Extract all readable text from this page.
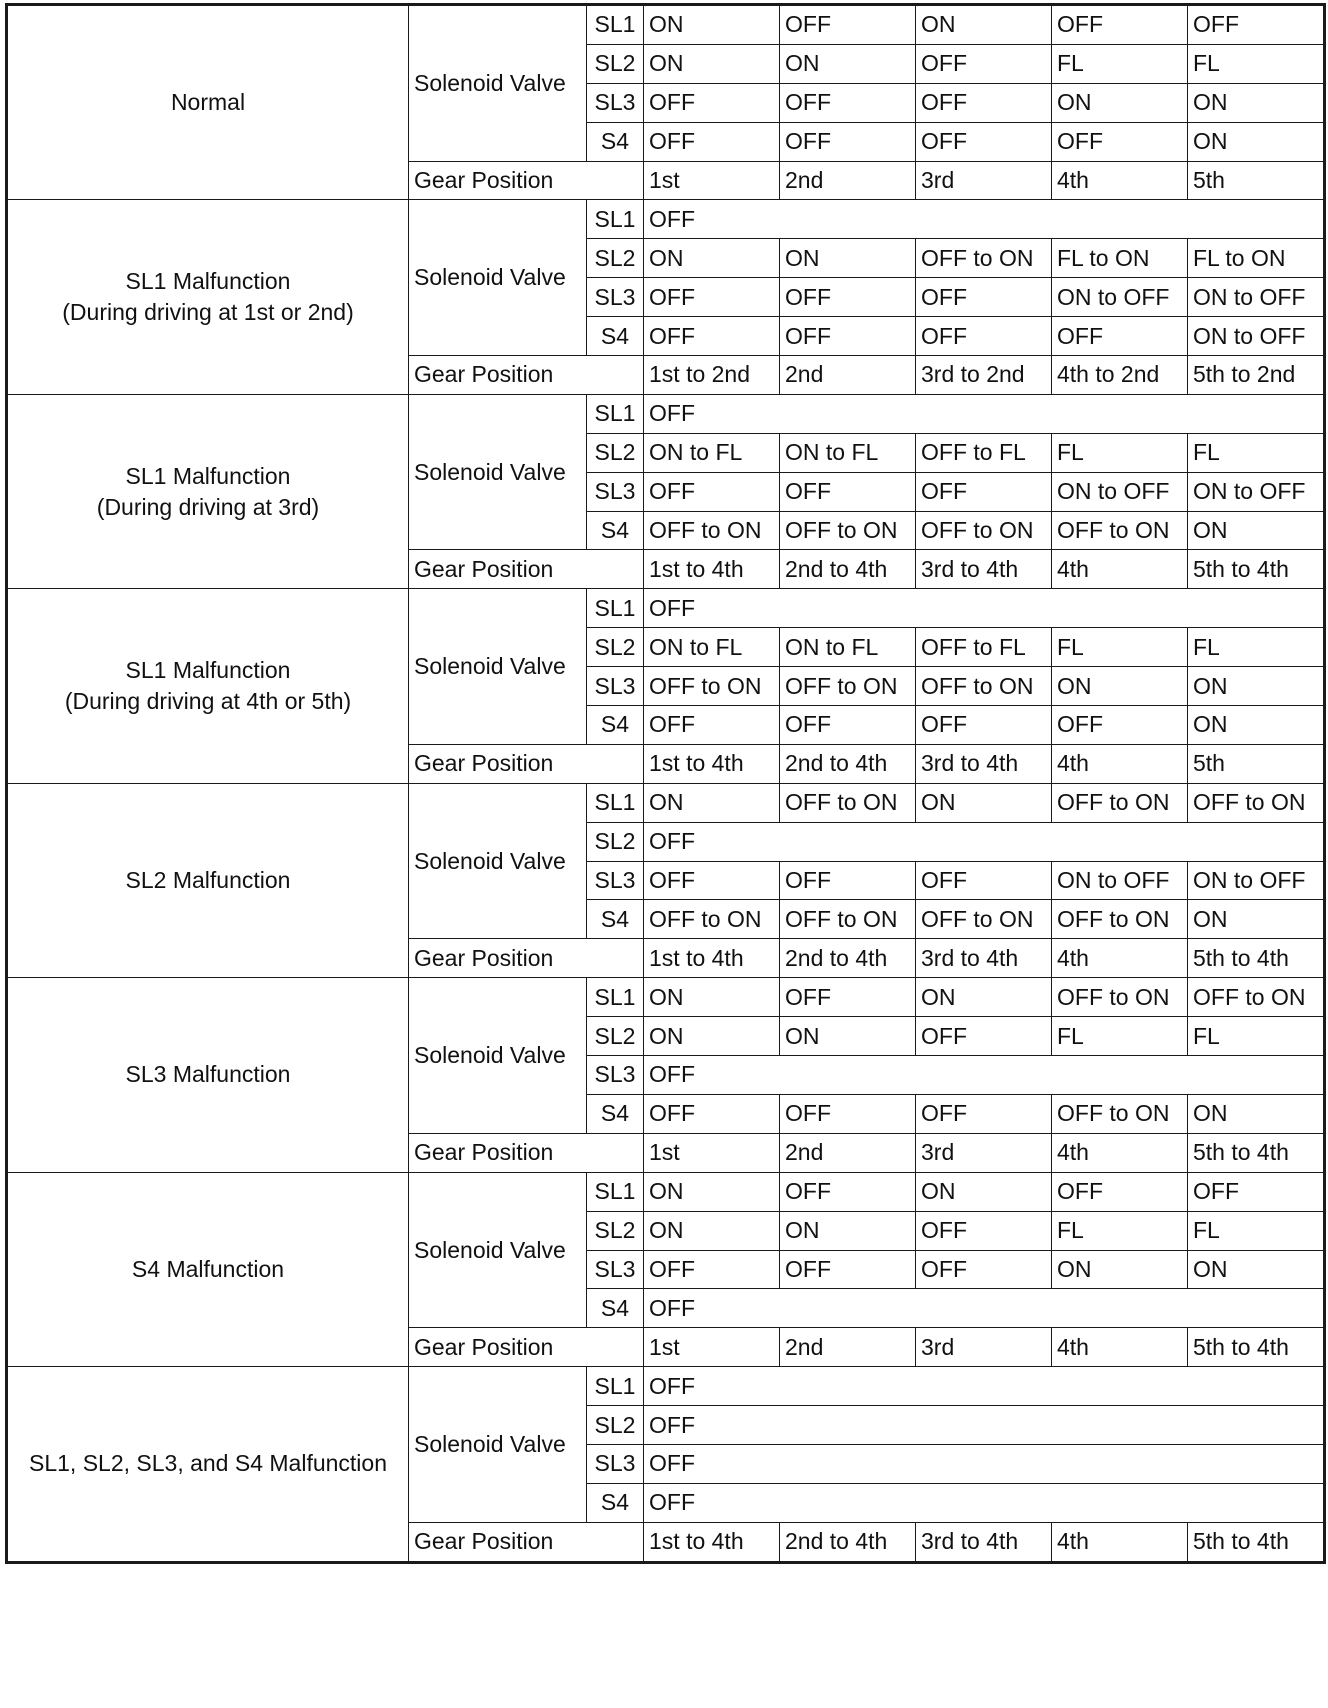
Normal	Solenoid Valve	SL1	ON	OFF	ON	OFF	OFF
		SL2	ON	ON	OFF	FL	FL
		SL3	OFF	OFF	OFF	ON	ON
		S4	OFF	OFF	OFF	OFF	ON
	Gear Position		1st	2nd	3rd	4th	5th
SL1 Malfunction
(During driving at 1st or 2nd)	Solenoid Valve	SL1	OFF				
		SL2	ON	ON	OFF to ON	FL to ON	FL to ON
		SL3	OFF	OFF	OFF	ON to OFF	ON to OFF
		S4	OFF	OFF	OFF	OFF	ON to OFF
	Gear Position		1st to 2nd	2nd	3rd to 2nd	4th to 2nd	5th to 2nd
SL1 Malfunction
(During driving at 3rd)	Solenoid Valve	SL1	OFF				
		SL2	ON to FL	ON to FL	OFF to FL	FL	FL
		SL3	OFF	OFF	OFF	ON to OFF	ON to OFF
		S4	OFF to ON	OFF to ON	OFF to ON	OFF to ON	ON
	Gear Position		1st to 4th	2nd to 4th	3rd to 4th	4th	5th to 4th
SL1 Malfunction
(During driving at 4th or 5th)	Solenoid Valve	SL1	OFF				
		SL2	ON to FL	ON to FL	OFF to FL	FL	FL
		SL3	OFF to ON	OFF to ON	OFF to ON	ON	ON
		S4	OFF	OFF	OFF	OFF	ON
	Gear Position		1st to 4th	2nd to 4th	3rd to 4th	4th	5th
SL2 Malfunction	Solenoid Valve	SL1	ON	OFF to ON	ON	OFF to ON	OFF to ON
		SL2	OFF				
		SL3	OFF	OFF	OFF	ON to OFF	ON to OFF
		S4	OFF to ON	OFF to ON	OFF to ON	OFF to ON	ON
	Gear Position		1st to 4th	2nd to 4th	3rd to 4th	4th	5th to 4th
SL3 Malfunction	Solenoid Valve	SL1	ON	OFF	ON	OFF to ON	OFF to ON
		SL2	ON	ON	OFF	FL	FL
		SL3	OFF				
		S4	OFF	OFF	OFF	OFF to ON	ON
	Gear Position		1st	2nd	3rd	4th	5th to 4th
S4 Malfunction	Solenoid Valve	SL1	ON	OFF	ON	OFF	OFF
		SL2	ON	ON	OFF	FL	FL
		SL3	OFF	OFF	OFF	ON	ON
		S4	OFF				
	Gear Position		1st	2nd	3rd	4th	5th to 4th
SL1, SL2, SL3, and S4 Malfunction	Solenoid Valve	SL1	OFF				
		SL2	OFF				
		SL3	OFF				
		S4	OFF				
	Gear Position		1st to 4th	2nd to 4th	3rd to 4th	4th	5th to 4th
